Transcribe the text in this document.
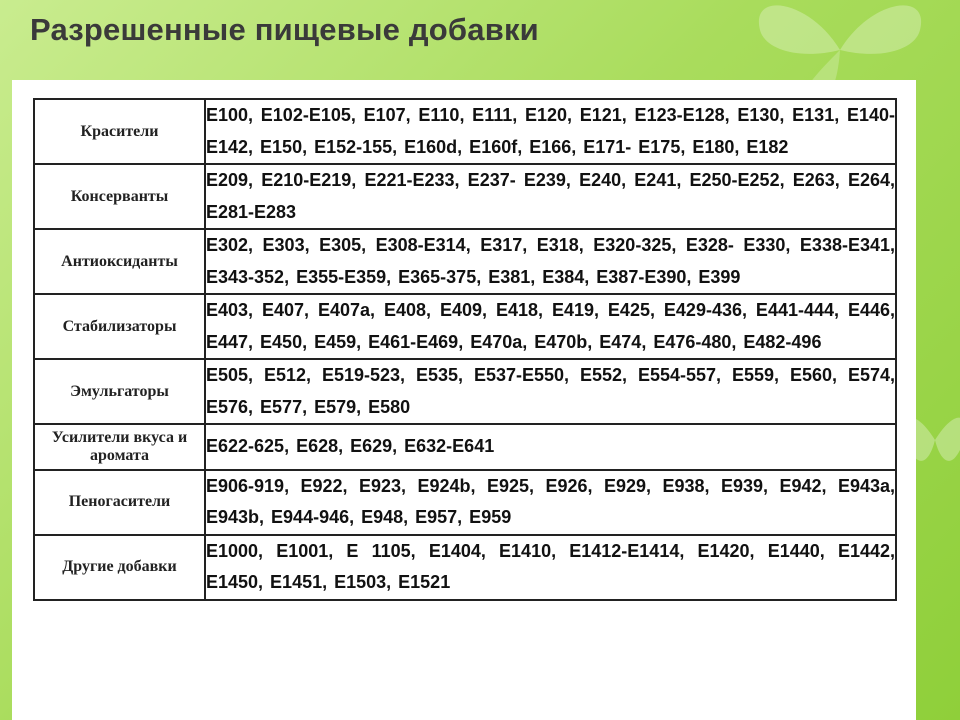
Разрешенные пищевые добавки
Красители	E100, E102-E105, E107, E110, E111, E120, E121, E123-E128, E130, E131, E140-E142, E150, E152-155, E160d, E160f, E166, E171- E175, E180, E182
Консерванты	E209, E210-E219, E221-E233, E237- E239, E240, E241, E250-E252, E263, E264, E281-E283
Антиоксиданты	E302, E303, E305, E308-E314, E317, E318, E320-325, E328- E330, E338-E341, E343-352, E355-E359, E365-375, E381, E384, E387-E390, E399
Стабилизаторы	E403, E407, E407a, E408, E409, E418, E419, E425, E429-436, E441-444, E446, E447, E450, E459, E461-E469, E470a, E470b, E474, E476-480, E482-496
Эмульгаторы	E505, E512, E519-523, E535, E537-E550, E552, E554-557, E559, E560, E574, E576, E577, E579, E580
Усилители вкуса и аромата	E622-625, E628, E629, E632-E641
Пеногасители	E906-919, E922, E923, E924b, E925, E926, E929, E938, E939, E942, E943a, E943b, E944-946, E948, E957, E959
Другие добавки	E1000, E1001, E 1105, E1404, E1410, E1412-E1414, E1420, E1440, E1442, E1450, E1451, E1503, E1521
